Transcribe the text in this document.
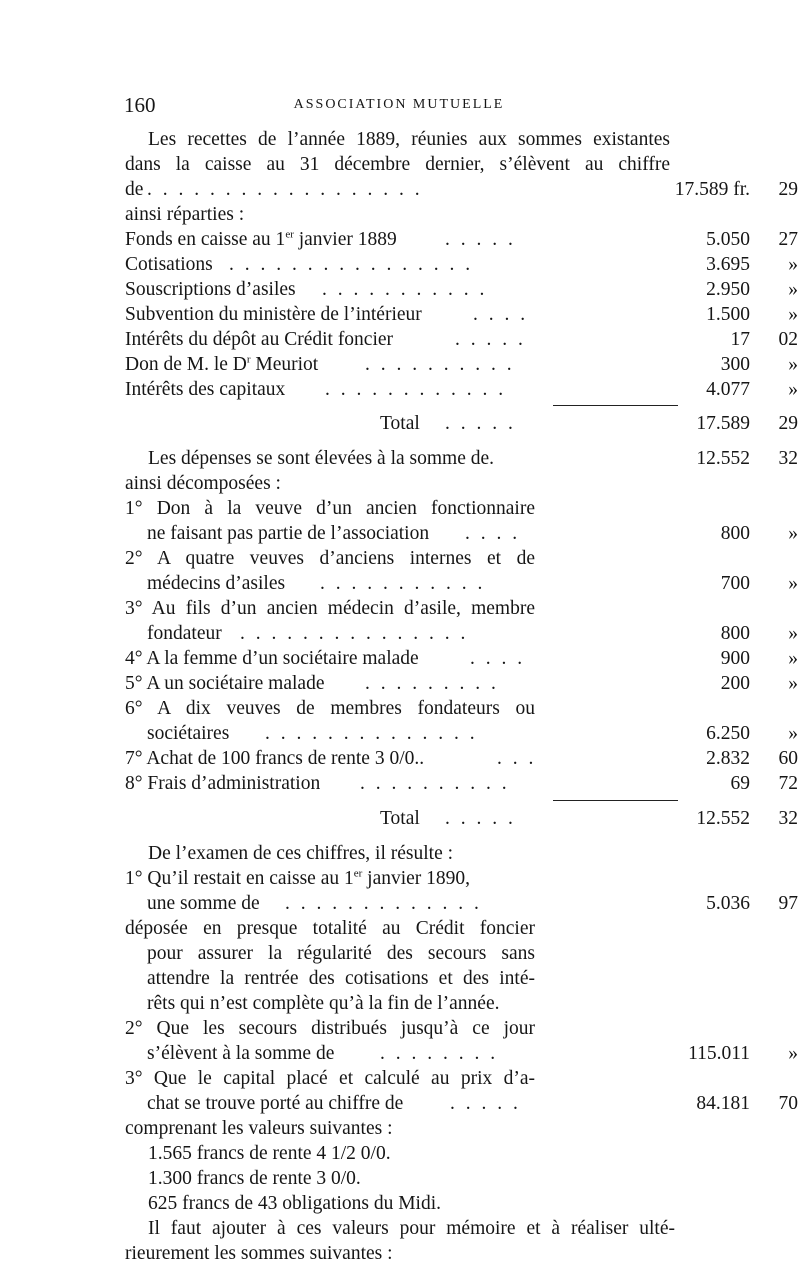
160	ASSOCIATION MUTUELLE
Les recettes de l’année 1889, réunies aux sommes existantes
dans la caisse au 31 décembre dernier, s’élèvent au chiffre
de . . . . . . . . . . . . . . . . . .	17.589 fr.	29
ainsi réparties :
Fonds en caisse au 1er janvier 1889 . . . . .	5.050	27
Cotisations . . . . . . . . . . . . . . . .	3.695	»
Souscriptions d’asiles . . . . . . . . . . .	2.950	»
Subvention du ministère de l’intérieur	. . . .	1.500	»
Intérêts du dépôt au Crédit foncier	. . . . .	17	02
Don de M. le $D^r$ Meuriot . . . . . . . . . .	300	»
Intérêts des capitaux . . . . . . . . . . . .	4.077	»
Total . . . . .	17.589	29
Les dépenses se sont élevées à la somme de.	12.552	32
ainsi décomposées :
1° Don à la veuve d’un ancien fonctionnaire
ne faisant pas partie de l’association . . . .	800	»
2° A quatre veuves d’anciens internes et de
médecins d’asiles . . . . . . . . . . .	700	»
3° Au fils d’un ancien médecin d’asile, membre
fondateur . . . . . . . . . . . . . . .	800	»
4° A la femme d’un sociétaire malade	. . . .	900	»
5° A un sociétaire malade . . . . . . . . .	200	»
6° A dix veuves de membres fondateurs ou
sociétaires . . . . . . . . . . . . . .	6.250	»
7° Achat de 100 francs de rente 3 0/0..	. . .	2.832	60
8° Frais d’administration . . . . . . . . . .	69	72
Total . . . . .	12.552	32
De l’examen de ces chiffres, il résulte :
1° Qu’il restait en caisse au 1er janvier 1890,
une somme de . . . . . . . . . . . . .	5.036	97
déposée en presque totalité au Crédit foncier
pour assurer la régularité des secours sans
attendre la rentrée des cotisations et des inté-
rêts qui n’est complète qu’à la fin de l’année.
2° Que les secours distribués jusqu’à ce jour
s’élèvent à la somme de . . . . . . . .	115.011	»
3° Que le capital placé et calculé au prix d’a-
chat se trouve porté au chiffre de . . . . .	84.181	70
comprenant les valeurs suivantes :
1.565 francs de rente 4 1/2 0/0.
1.300 francs de rente 3 0/0.
625 francs de 43 obligations du Midi.
Il faut ajouter à ces valeurs pour mémoire et à réaliser ulté-
rieurement les sommes suivantes :
